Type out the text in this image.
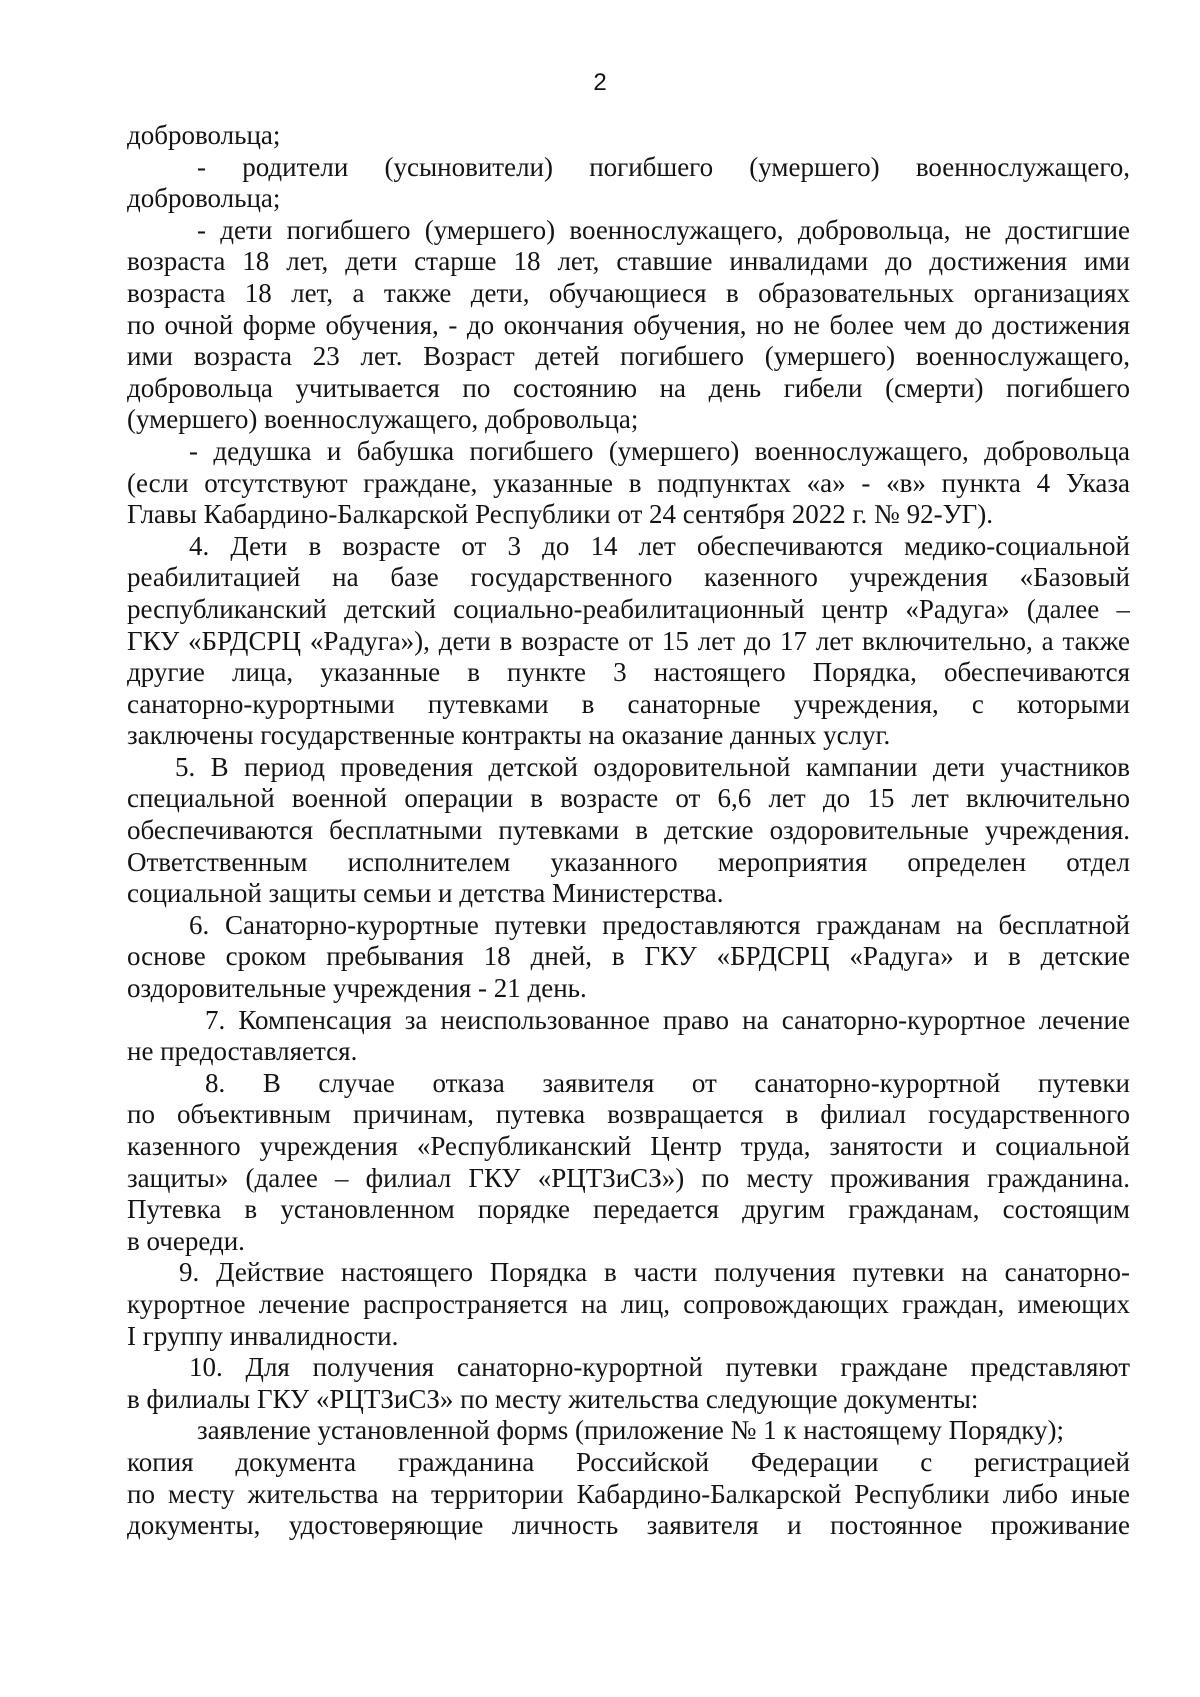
2
добровольца;
- родители (усыновители) погибшего (умершего) военнослужащего,
добровольца;
- дети погибшего (умершего) военнослужащего, добровольца, не достигшие
возраста 18 лет, дети старше 18 лет, ставшие инвалидами до достижения ими
возраста 18 лет, а также дети, обучающиеся в образовательных организациях
по очной форме обучения, - до окончания обучения, но не более чем до достижения
ими возраста 23 лет. Возраст детей погибшего (умершего) военнослужащего,
добровольца учитывается по состоянию на день гибели (смерти) погибшего
(умершего) военнослужащего, добровольца;
- дедушка и бабушка погибшего (умершего) военнослужащего, добровольца
(если отсутствуют граждане, указанные в подпунктах «а» - «в» пункта 4 Указа
Главы Кабардино-Балкарской Республики от 24 сентября 2022 г. № 92-УГ).
4. Дети в возрасте от 3 до 14 лет обеспечиваются медико-социальной
реабилитацией на базе государственного казенного учреждения «Базовый
республиканский детский социально-реабилитационный центр «Радуга» (далее –
ГКУ «БРДСРЦ «Радуга»), дети в возрасте от 15 лет до 17 лет включительно, а также
другие лица, указанные в пункте 3 настоящего Порядка, обеспечиваются
санаторно-курортными путевками в санаторные учреждения, с которыми
заключены государственные контракты на оказание данных услуг.
5. В период проведения детской оздоровительной кампании дети участников
специальной военной операции в возрасте от 6,6 лет до 15 лет включительно
обеспечиваются бесплатными путевками в детские оздоровительные учреждения.
Ответственным исполнителем указанного мероприятия определен отдел
социальной защиты семьи и детства Министерства.
6. Санаторно-курортные путевки предоставляются гражданам на бесплатной
основе сроком пребывания 18 дней, в ГКУ «БРДСРЦ «Радуга» и в детские
оздоровительные учреждения - 21 день.
7. Компенсация за неиспользованное право на санаторно-курортное лечение
не предоставляется.
8. В случае отказа заявителя от санаторно-курортной путевки
по объективным причинам, путевка возвращается в филиал государственного
казенного учреждения «Республиканский Центр труда, занятости и социальной
защиты» (далее – филиал ГКУ «РЦТЗиСЗ») по месту проживания гражданина.
Путевка в установленном порядке передается другим гражданам, состоящим
в очереди.
9. Действие настоящего Порядка в части получения путевки на санаторно-
курортное лечение распространяется на лиц, сопровождающих граждан, имеющих
I группу инвалидности.
10. Для получения санаторно-курортной путевки граждане представляют
в филиалы ГКУ «РЦТЗиСЗ» по месту жительства следующие документы:
заявление установленной формs (приложение № 1 к настоящему Порядку);
копия документа гражданина Российской Федерации с регистрацией
по месту жительства на территории Кабардино-Балкарской Республики либо иные
документы, удостоверяющие личность заявителя и постоянное проживание
